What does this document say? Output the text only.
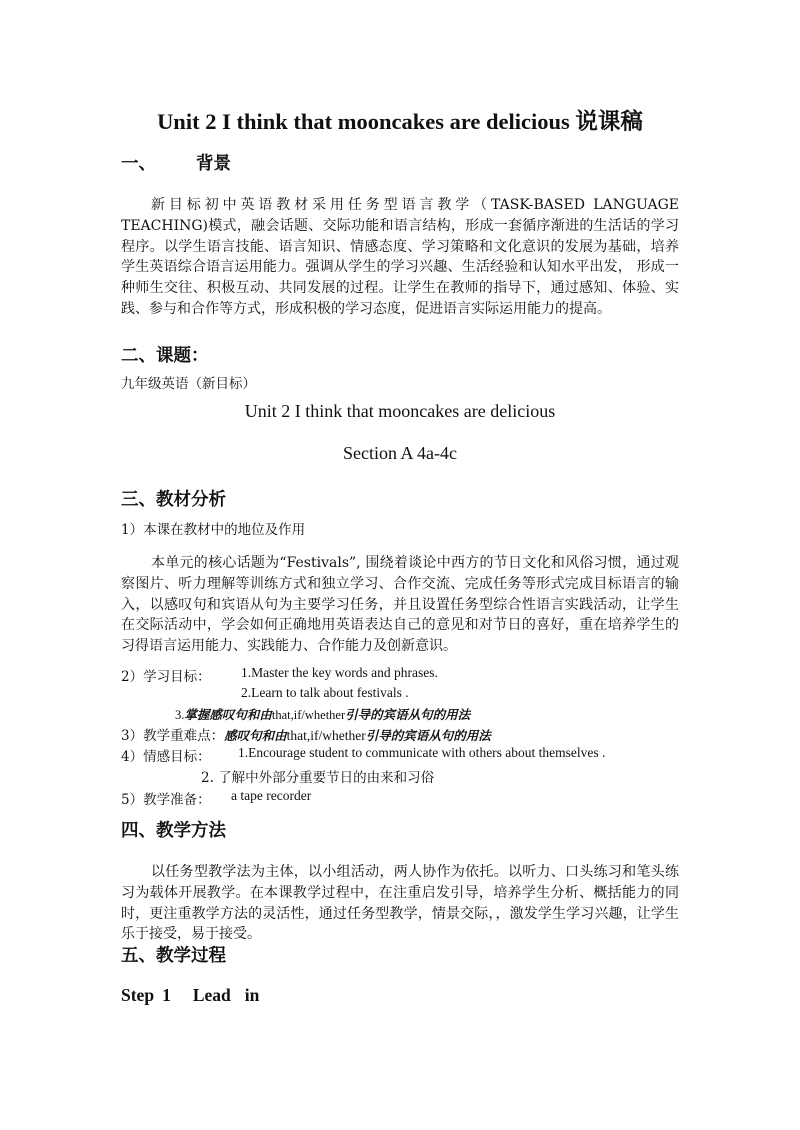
Unit 2 I think that mooncakes are delicious 说课稿
一、 背景

新目标初中英语教材采用任务型语言教学（TASK-BASED LANGUAGE TEACHING)模式，融会话题、交际功能和语言结构，形成一套循序渐进的生活话的学习程序。以学生语言技能、语言知识、情感态度、学习策略和文化意识的发展为基础，培养学生英语综合语言运用能力。强调从学生的学习兴趣、生活经验和认知水平出发， 形成一种师生交往、积极互动、共同发展的过程。让学生在教师的指导下，通过感知、体验、实践、参与和合作等方式，形成积极的学习态度，促进语言实际运用能力的提高。

二、课题：
九年级英语（新目标）
Unit 2 I think that mooncakes are delicious
Section A 4a-4c
三、教材分析
1）本课在教材中的地位及作用

本单元的核心话题为“Festivals”, 围绕着谈论中西方的节日文化和风俗习惯，通过观察图片、听力理解等训练方式和独立学习、合作交流、完成任务等形式完成目标语言的输入，以感叹句和宾语从句为主要学习任务，并且设置任务型综合性语言实践活动，让学生在交际活动中，学会如何正确地用英语表达自己的意见和对节日的喜好，重在培养学生的习得语言运用能力、实践能力、合作能力及创新意识。

2）学习目标： 1.Master the key words and phrases.
2.Learn to talk about festivals .
3.掌握感叹句和由that,if/whether引导的宾语从句的用法
3）教学重难点：感叹句和由that,if/whether引导的宾语从句的用法
4）情感目标： 1.Encourage student to communicate with others about themselves .
2. 了解中外部分重要节日的由来和习俗
5）教学准备： a tape recorder
四、教学方法

以任务型教学法为主体，以小组活动，两人协作为依托。以听力、口头练习和笔头练习为载体开展教学。在本课教学过程中，在注重启发引导，培养学生分析、概括能力的同时，更注重教学方法的灵活性，通过任务型教学，情景交际，，激发学生学习兴趣，让学生乐于接受，易于接受。

五、教学过程
Step 1 Lead in
